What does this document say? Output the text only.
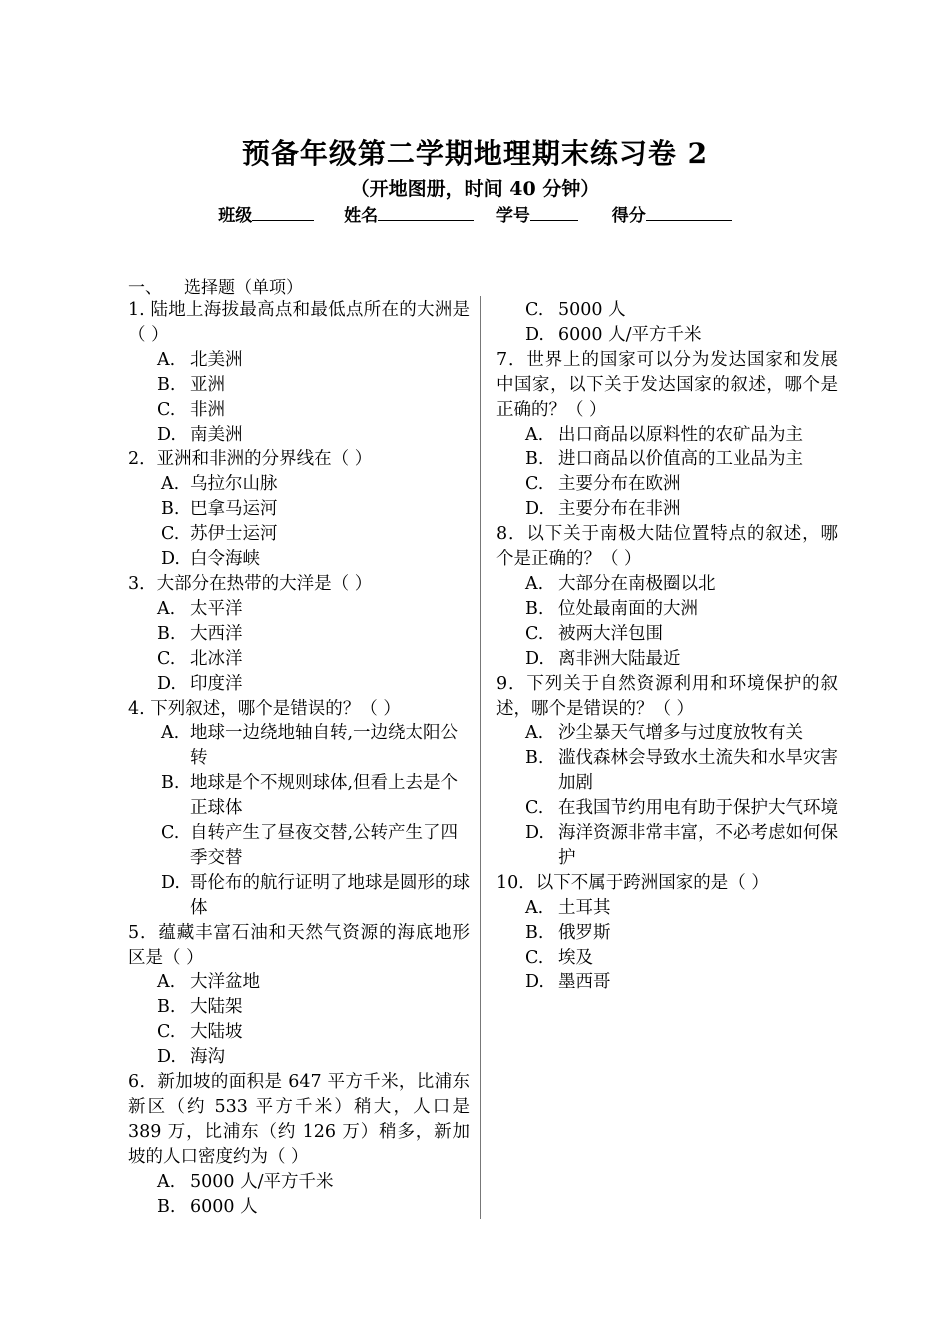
预备年级第二学期地理期末练习卷 2
（开地图册，时间 40 分钟）
班级	姓名	学号	得分
一、 选择题（单项）
1. 陆地上海拔最高点和最低点所在的大洲是（ ）
A. 北美洲
B. 亚洲
C. 非洲
D. 南美洲
2．亚洲和非洲的分界线在（ ）
A. 乌拉尔山脉
B. 巴拿马运河
C. 苏伊士运河
D. 白令海峡
3．大部分在热带的大洋是（ ）
A. 太平洋
B. 大西洋
C. 北冰洋
D. 印度洋
4. 下列叙述，哪个是错误的？（ ）
A. 地球一边绕地轴自转,一边绕太阳公转
B. 地球是个不规则球体,但看上去是个正球体
C. 自转产生了昼夜交替,公转产生了四季交替
D. 哥伦布的航行证明了地球是圆形的球体
5．蕴藏丰富石油和天然气资源的海底地形区是（ ）
A. 大洋盆地
B. 大陆架
C. 大陆坡
D. 海沟
6．新加坡的面积是 647 平方千米，比浦东新区（约 533 平方千米）稍大，人口是 389 万，比浦东（约 126 万）稍多，新加坡的人口密度约为（ ）
A. 5000 人/平方千米
B. 6000 人
C. 5000 人
D. 6000 人/平方千米
7．世界上的国家可以分为发达国家和发展中国家，以下关于发达国家的叙述，哪个是正确的？（ ）
A. 出口商品以原料性的农矿品为主
B. 进口商品以价值高的工业品为主
C. 主要分布在欧洲
D. 主要分布在非洲
8．以下关于南极大陆位置特点的叙述，哪个是正确的？（ ）
A. 大部分在南极圈以北
B. 位处最南面的大洲
C. 被两大洋包围
D. 离非洲大陆最近
9．下列关于自然资源利用和环境保护的叙述，哪个是错误的？（ ）
A. 沙尘暴天气增多与过度放牧有关
B. 滥伐森林会导致水土流失和水旱灾害加剧
C. 在我国节约用电有助于保护大气环境
D. 海洋资源非常丰富，不必考虑如何保护
10．以下不属于跨洲国家的是（ ）
A. 土耳其
B. 俄罗斯
C. 埃及
D. 墨西哥
